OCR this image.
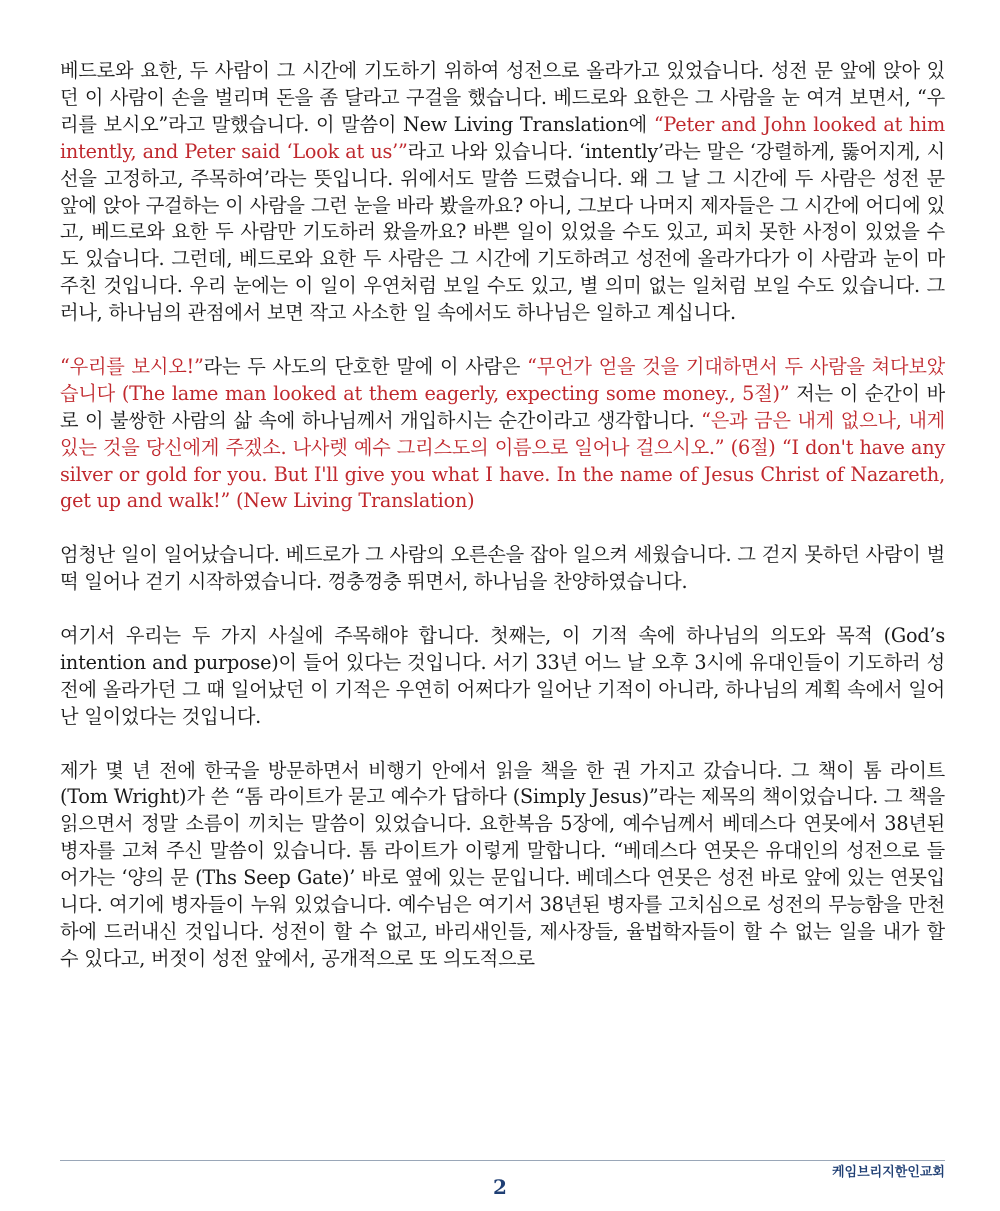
베드로와 요한, 두 사람이 그 시간에 기도하기 위하여 성전으로 올라가고 있었습니다. 성전 문 앞에 앉아 있던 이 사람이 손을 벌리며 돈을 좀 달라고 구걸을 했습니다. 베드로와 요한은 그 사람을 눈 여겨 보면서, “우리를 보시오”라고 말했습니다. 이 말씀이 New Living Translation에 “Peter and John looked at him intently, and Peter said ‘Look at us’”라고 나와 있습니다. ‘intently’라는 말은 ‘강렬하게, 뚫어지게, 시선을 고정하고, 주목하여’라는 뜻입니다. 위에서도 말씀 드렸습니다. 왜 그 날 그 시간에 두 사람은 성전 문 앞에 앉아 구걸하는 이 사람을 그런 눈을 바라 봤을까요? 아니, 그보다 나머지 제자들은 그 시간에 어디에 있고, 베드로와 요한 두 사람만 기도하러 왔을까요? 바쁜 일이 있었을 수도 있고, 피치 못한 사정이 있었을 수도 있습니다. 그런데, 베드로와 요한 두 사람은 그 시간에 기도하려고 성전에 올라가다가 이 사람과 눈이 마주친 것입니다. 우리 눈에는 이 일이 우연처럼 보일 수도 있고, 별 의미 없는 일처럼 보일 수도 있습니다. 그러나, 하나님의 관점에서 보면 작고 사소한 일 속에서도 하나님은 일하고 계십니다.

“우리를 보시오!”라는 두 사도의 단호한 말에 이 사람은 “무언가 얻을 것을 기대하면서 두 사람을 쳐다보았습니다 (The lame man looked at them eagerly, expecting some money., 5절)” 저는 이 순간이 바로 이 불쌍한 사람의 삶 속에 하나님께서 개입하시는 순간이라고 생각합니다. “은과 금은 내게 없으나, 내게 있는 것을 당신에게 주겠소. 나사렛 예수 그리스도의 이름으로 일어나 걸으시오.” (6절) “I don't have any silver or gold for you. But I'll give you what I have. In the name of Jesus Christ of Nazareth, get up and walk!” (New Living Translation)

엄청난 일이 일어났습니다. 베드로가 그 사람의 오른손을 잡아 일으켜 세웠습니다. 그 걷지 못하던 사람이 벌떡 일어나 걷기 시작하였습니다. 껑충껑충 뛰면서, 하나님을 찬양하였습니다.

여기서 우리는 두 가지 사실에 주목해야 합니다. 첫째는, 이 기적 속에 하나님의 의도와 목적 (God’s intention and purpose)이 들어 있다는 것입니다. 서기 33년 어느 날 오후 3시에 유대인들이 기도하러 성전에 올라가던 그 때 일어났던 이 기적은 우연히 어쩌다가 일어난 기적이 아니라, 하나님의 계획 속에서 일어난 일이었다는 것입니다.

제가 몇 년 전에 한국을 방문하면서 비행기 안에서 읽을 책을 한 권 가지고 갔습니다. 그 책이 톰 라이트 (Tom Wright)가 쓴 “톰 라이트가 묻고 예수가 답하다 (Simply Jesus)”라는 제목의 책이었습니다. 그 책을 읽으면서 정말 소름이 끼치는 말씀이 있었습니다. 요한복음 5장에, 예수님께서 베데스다 연못에서 38년된 병자를 고쳐 주신 말씀이 있습니다. 톰 라이트가 이렇게 말합니다. “베데스다 연못은 유대인의 성전으로 들어가는 ‘양의 문 (Ths Seep Gate)’ 바로 옆에 있는 문입니다. 베데스다 연못은 성전 바로 앞에 있는 연못입니다. 여기에 병자들이 누워 있었습니다. 예수님은 여기서 38년된 병자를 고치심으로 성전의 무능함을 만천하에 드러내신 것입니다. 성전이 할 수 없고, 바리새인들, 제사장들, 율법학자들이 할 수 없는 일을 내가 할 수 있다고, 버젓이 성전 앞에서, 공개적으로 또 의도적으로

케임브리지한인교회
2
